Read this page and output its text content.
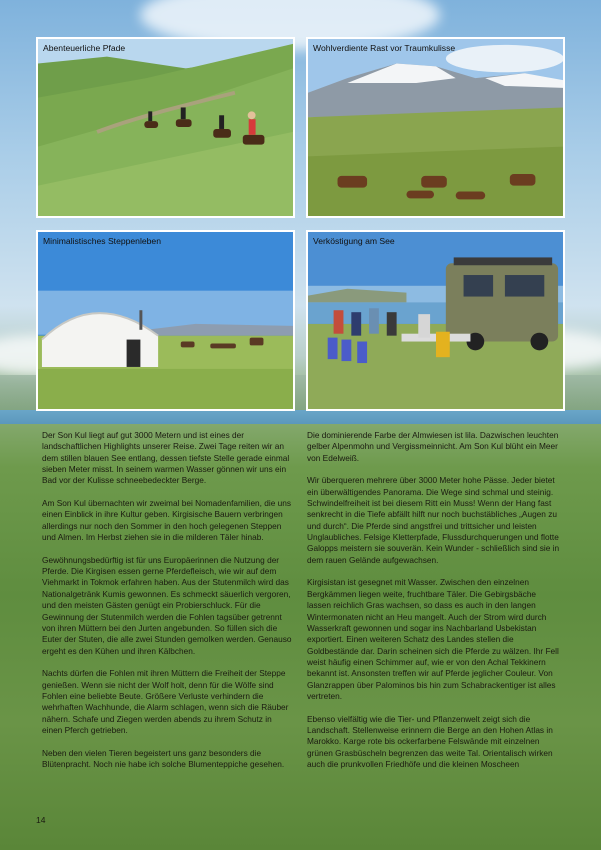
Abenteuerliche Pfade	Wohlverdiente Rast vor Traumkulisse
Minimalistisches Steppenleben	Verköstigung am See

Der Son Kul liegt auf gut 3000 Metern und ist eines der landschaftlichen Highlights unserer Reise. Zwei Tage reiten wir an dem stillen blauen See entlang, dessen tiefste Stelle gerade einmal sieben Meter misst. In seinem warmen Wasser gönnen wir uns ein Bad vor der Kulisse schneebedeckter Berge.

Am Son Kul übernachten wir zweimal bei Nomadenfamilien, die uns einen Einblick in ihre Kultur geben. Kirgisische Bauern verbringen allerdings nur noch den Sommer in den hoch gelegenen Steppen und Almen. Im Herbst ziehen sie in die milderen Täler hinab.

Gewöhnungsbedürftig ist für uns Europäerinnen die Nutzung der Pferde. Die Kirgisen essen gerne Pferdefleisch, wie wir auf dem Viehmarkt in Tokmok erfahren haben. Aus der Stutenmilch wird das Nationalgetränk Kumis gewonnen. Es schmeckt säuerlich vergoren, und den meisten Gästen genügt ein Probierschluck. Für die Gewinnung der Stutenmilch werden die Fohlen tagsüber getrennt von ihren Müttern bei den Jurten angebunden. So füllen sich die Euter der Stuten, die alle zwei Stunden gemolken werden. Genauso ergeht es den Kühen und ihren Kälbchen.

Nachts dürfen die Fohlen mit ihren Müttern die Freiheit der Steppe genießen. Wenn sie nicht der Wolf holt, denn für die Wölfe sind Fohlen eine beliebte Beute. Größere Verluste verhindern die wehrhaften Wachhunde, die Alarm schlagen, wenn sich die Räuber nähern. Schafe und Ziegen werden abends zu ihrem Schutz in einen Pferch getrieben.

Neben den vielen Tieren begeistert uns ganz besonders die Blütenpracht. Noch nie habe ich solche Blumenteppiche gesehen.

Die dominierende Farbe der Almwiesen ist lila. Dazwischen leuchten gelber Alpenmohn und Vergissmeinnicht. Am Son Kul blüht ein Meer von Edelweiß.

Wir überqueren mehrere über 3000 Meter hohe Pässe. Jeder bietet ein überwältigendes Panorama. Die Wege sind schmal und steinig. Schwindelfreiheit ist bei diesem Ritt ein Muss! Wenn der Hang fast senkrecht in die Tiefe abfällt hilft nur noch buchstäbliches „Augen zu und durch“. Die Pferde sind angstfrei und trittsicher und leisten Unglaubliches. Felsige Kletterpfade, Flussdurchquerungen und flotte Galopps meistern sie souverän. Kein Wunder - schließlich sind sie in dem rauen Gelände aufgewachsen.

Kirgisistan ist gesegnet mit Wasser. Zwischen den einzelnen Bergkämmen liegen weite, fruchtbare Täler. Die Gebirgsbäche lassen reichlich Gras wachsen, so dass es auch in den langen Wintermonaten nicht an Heu mangelt. Auch der Strom wird durch Wasserkraft gewonnen und sogar ins Nachbarland Usbekistan exportiert. Einen weiteren Schatz des Landes stellen die Goldbestände dar. Darin scheinen sich die Pferde zu wälzen. Ihr Fell weist häufig einen Schimmer auf, wie er von den Achal Tekkinern bekannt ist. Ansonsten treffen wir auf Pferde jeglicher Couleur. Von Glanzrappen über Palominos bis hin zum Schabrackentiger ist alles vertreten.

Ebenso vielfältig wie die Tier- und Pflanzenwelt zeigt sich die Landschaft. Stellenweise erinnern die Berge an den Hohen Atlas in Marokko. Karge rote bis ockerfarbene Felswände mit einzelnen grünen Grasbüscheln begrenzen das weite Tal. Orientalisch wirken auch die prunkvollen Friedhöfe und die kleinen Moscheen

14
